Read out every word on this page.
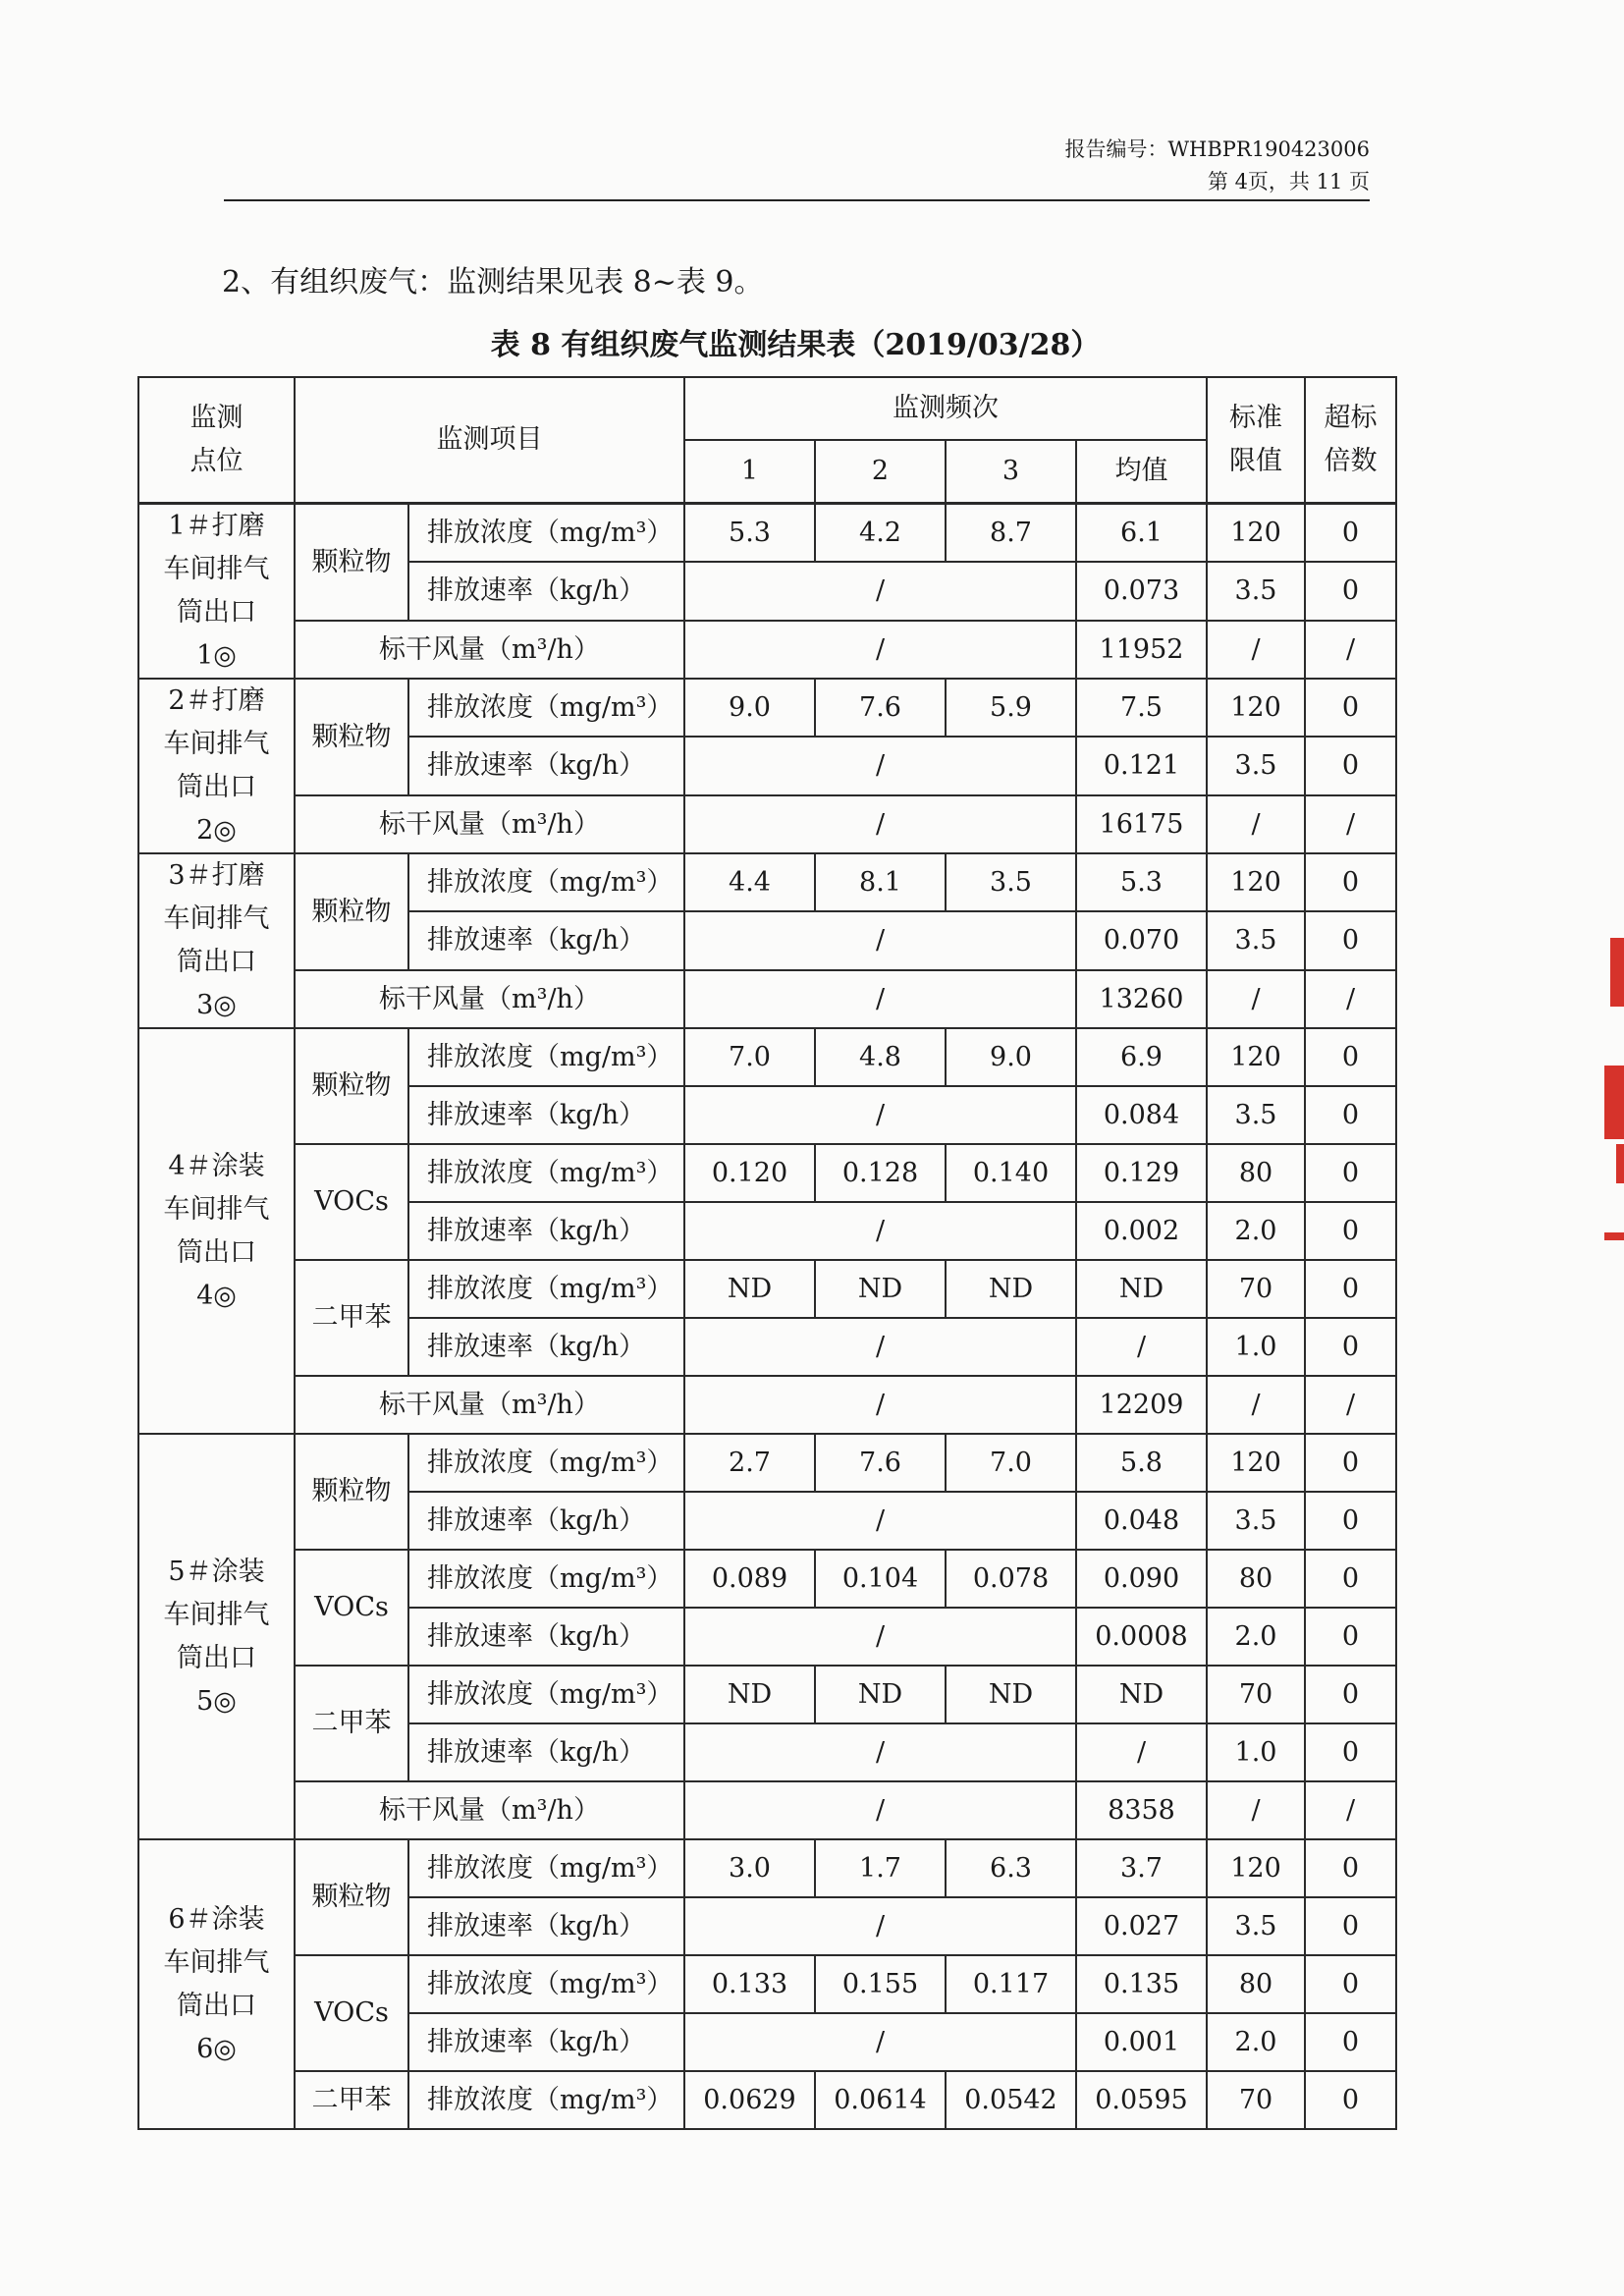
报告编号：WHBPR190423006
第 4页，共 11 页
2、有组织废气：监测结果见表 8~表 9。
表 8 有组织废气监测结果表（2019/03/28）
监测
点位	监测项目		监测频次				标准
限值	超标
倍数
			1	2	3	均值		
1＃打磨
车间排气
筒出口
1◎	颗粒物	排放浓度（mg/m³）	5.3	4.2	8.7	6.1	120	0
		排放速率（kg/h）	/			0.073	3.5	0
	标干风量（m³/h）		/			11952	/	/
2＃打磨
车间排气
筒出口
2◎	颗粒物	排放浓度（mg/m³）	9.0	7.6	5.9	7.5	120	0
		排放速率（kg/h）	/			0.121	3.5	0
	标干风量（m³/h）		/			16175	/	/
3＃打磨
车间排气
筒出口
3◎	颗粒物	排放浓度（mg/m³）	4.4	8.1	3.5	5.3	120	0
		排放速率（kg/h）	/			0.070	3.5	0
	标干风量（m³/h）		/			13260	/	/
4＃涂装
车间排气
筒出口
4◎	颗粒物	排放浓度（mg/m³）	7.0	4.8	9.0	6.9	120	0
		排放速率（kg/h）	/			0.084	3.5	0
	VOCs	排放浓度（mg/m³）	0.120	0.128	0.140	0.129	80	0
		排放速率（kg/h）	/			0.002	2.0	0
	二甲苯	排放浓度（mg/m³）	ND	ND	ND	ND	70	0
		排放速率（kg/h）	/			/	1.0	0
	标干风量（m³/h）		/			12209	/	/
5＃涂装
车间排气
筒出口
5◎	颗粒物	排放浓度（mg/m³）	2.7	7.6	7.0	5.8	120	0
		排放速率（kg/h）	/			0.048	3.5	0
	VOCs	排放浓度（mg/m³）	0.089	0.104	0.078	0.090	80	0
		排放速率（kg/h）	/			0.0008	2.0	0
	二甲苯	排放浓度（mg/m³）	ND	ND	ND	ND	70	0
		排放速率（kg/h）	/			/	1.0	0
	标干风量（m³/h）		/			8358	/	/
6＃涂装
车间排气
筒出口
6◎	颗粒物	排放浓度（mg/m³）	3.0	1.7	6.3	3.7	120	0
		排放速率（kg/h）	/			0.027	3.5	0
	VOCs	排放浓度（mg/m³）	0.133	0.155	0.117	0.135	80	0
		排放速率（kg/h）	/			0.001	2.0	0
	二甲苯	排放浓度（mg/m³）	0.0629	0.0614	0.0542	0.0595	70	0
